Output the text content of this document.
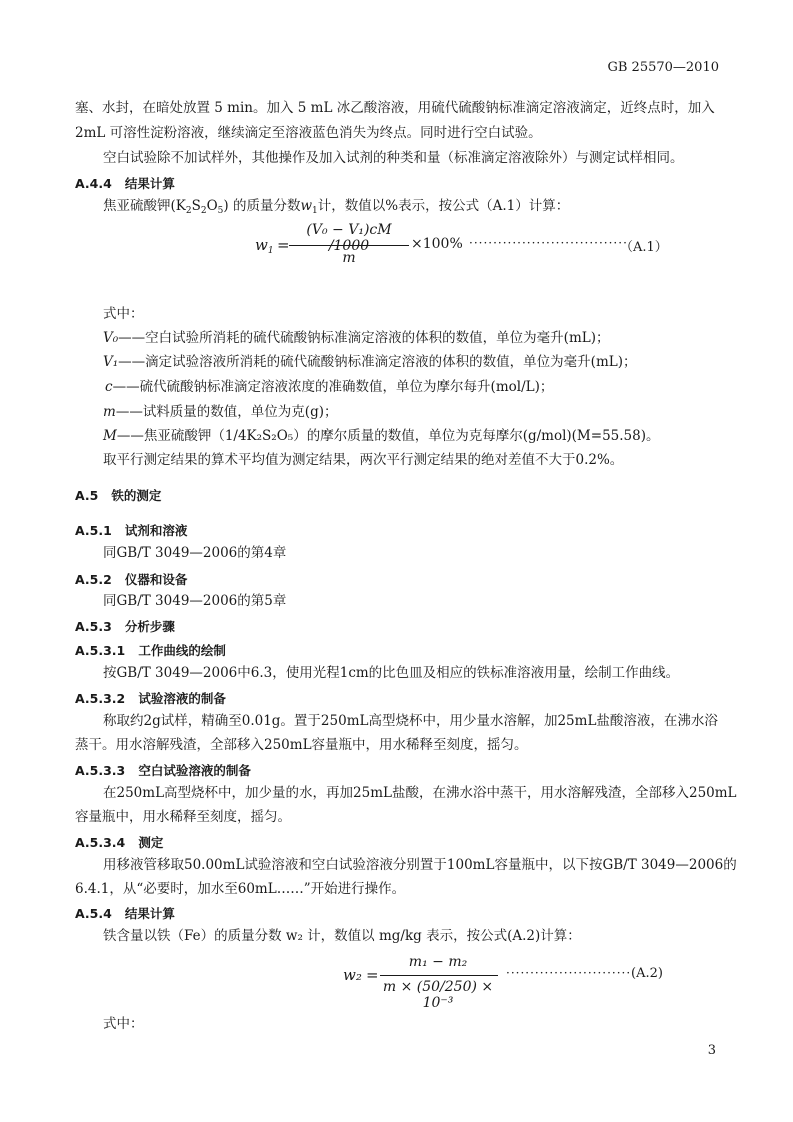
GB 25570—2010
塞、水封，在暗处放置 5 min。加入 5 mL 冰乙酸溶液，用硫代硫酸钠标准滴定溶液滴定，近终点时，加入
2mL 可溶性淀粉溶液，继续滴定至溶液蓝色消失为终点。同时进行空白试验。
空白试验除不加试样外，其他操作及加入试剂的种类和量（标准滴定溶液除外）与测定试样相同。
A.4.4 结果计算
焦亚硫酸钾$(K_2S_2O_5)$ 的质量分数$w_1$计，数值以%表示，按公式（A.1）计算：
$w_1$ =
(V₀ − V₁)cM /1000
m
×100% ·································
（A.1）
式中：
V₀——空白试验所消耗的硫代硫酸钠标准滴定溶液的体积的数值，单位为毫升(mL)；
V₁——滴定试验溶液所消耗的硫代硫酸钠标准滴定溶液的体积的数值，单位为毫升(mL)；
c——硫代硫酸钠标准滴定溶液浓度的准确数值，单位为摩尔每升(mol/L)；
m——试料质量的数值，单位为克(g)；
M——焦亚硫酸钾（1/4K₂S₂O₅）的摩尔质量的数值，单位为克每摩尔(g/mol)(M=55.58)。
取平行测定结果的算术平均值为测定结果，两次平行测定结果的绝对差值不大于0.2%。
A.5 铁的测定
A.5.1 试剂和溶液
同GB/T 3049—2006的第4章
A.5.2 仪器和设备
同GB/T 3049—2006的第5章
A.5.3 分析步骤
A.5.3.1 工作曲线的绘制
按GB/T 3049—2006中6.3，使用光程1cm的比色皿及相应的铁标准溶液用量，绘制工作曲线。
A.5.3.2 试验溶液的制备
称取约2g试样，精确至0.01g。置于250mL高型烧杯中，用少量水溶解，加25mL盐酸溶液，在沸水浴
蒸干。用水溶解残渣，全部移入250mL容量瓶中，用水稀释至刻度，摇匀。
A.5.3.3 空白试验溶液的制备
在250mL高型烧杯中，加少量的水，再加25mL盐酸，在沸水浴中蒸干，用水溶解残渣，全部移入250mL
容量瓶中，用水稀释至刻度，摇匀。
A.5.3.4 测定
用移液管移取50.00mL试验溶液和空白试验溶液分别置于100mL容量瓶中，以下按GB/T 3049—2006的
6.4.1，从“必要时，加水至60mL……”开始进行操作。
A.5.4 结果计算
铁含量以铁（Fe）的质量分数 w₂ 计，数值以 mg/kg 表示，按公式(A.2)计算：
w₂ =
m₁ − m₂
m × (50/250) × 10⁻³
·························· (A.2)
式中：
3
